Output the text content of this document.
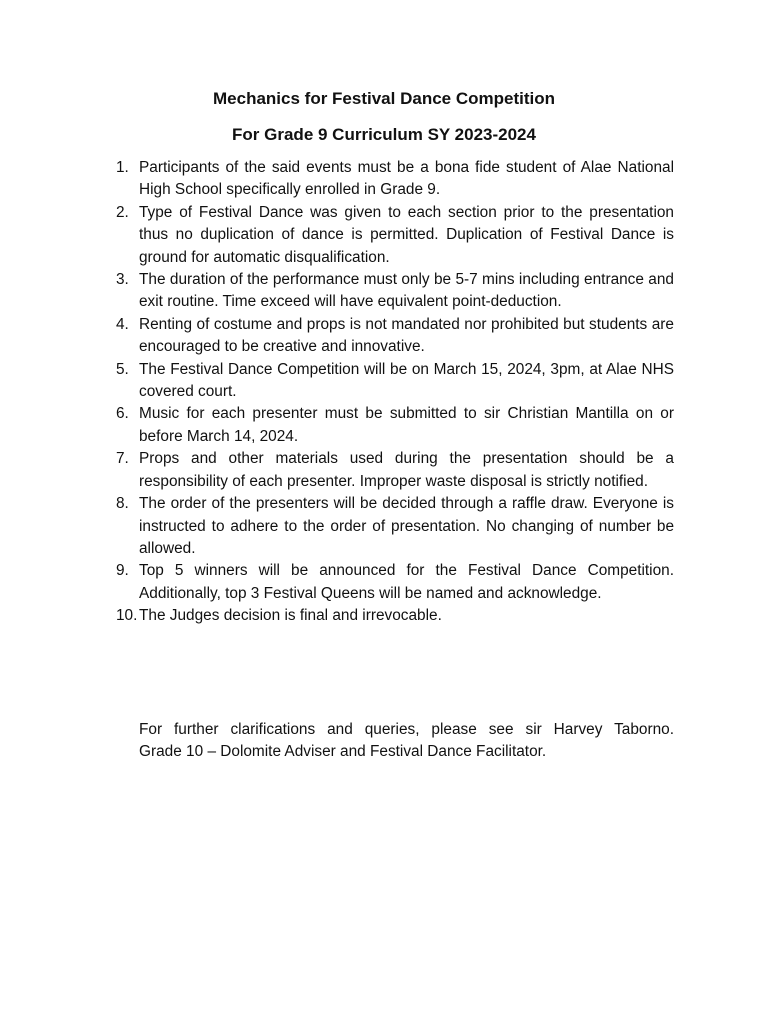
Mechanics for Festival Dance Competition
For Grade 9 Curriculum SY 2023-2024
1. Participants of the said events must be a bona fide student of Alae National High School specifically enrolled in Grade 9.
2. Type of Festival Dance was given to each section prior to the presentation thus no duplication of dance is permitted. Duplication of Festival Dance is ground for automatic disqualification.
3. The duration of the performance must only be 5-7 mins including entrance and exit routine. Time exceed will have equivalent point-deduction.
4. Renting of costume and props is not mandated nor prohibited but students are encouraged to be creative and innovative.
5. The Festival Dance Competition will be on March 15, 2024, 3pm, at Alae NHS covered court.
6. Music for each presenter must be submitted to sir Christian Mantilla on or before March 14, 2024.
7. Props and other materials used during the presentation should be a responsibility of each presenter. Improper waste disposal is strictly notified.
8. The order of the presenters will be decided through a raffle draw. Everyone is instructed to adhere to the order of presentation. No changing of number be allowed.
9. Top 5 winners will be announced for the Festival Dance Competition. Additionally, top 3 Festival Queens will be named and acknowledge.
10. The Judges decision is final and irrevocable.

For further clarifications and queries, please see sir Harvey Taborno.
Grade 10 – Dolomite Adviser and Festival Dance Facilitator.
